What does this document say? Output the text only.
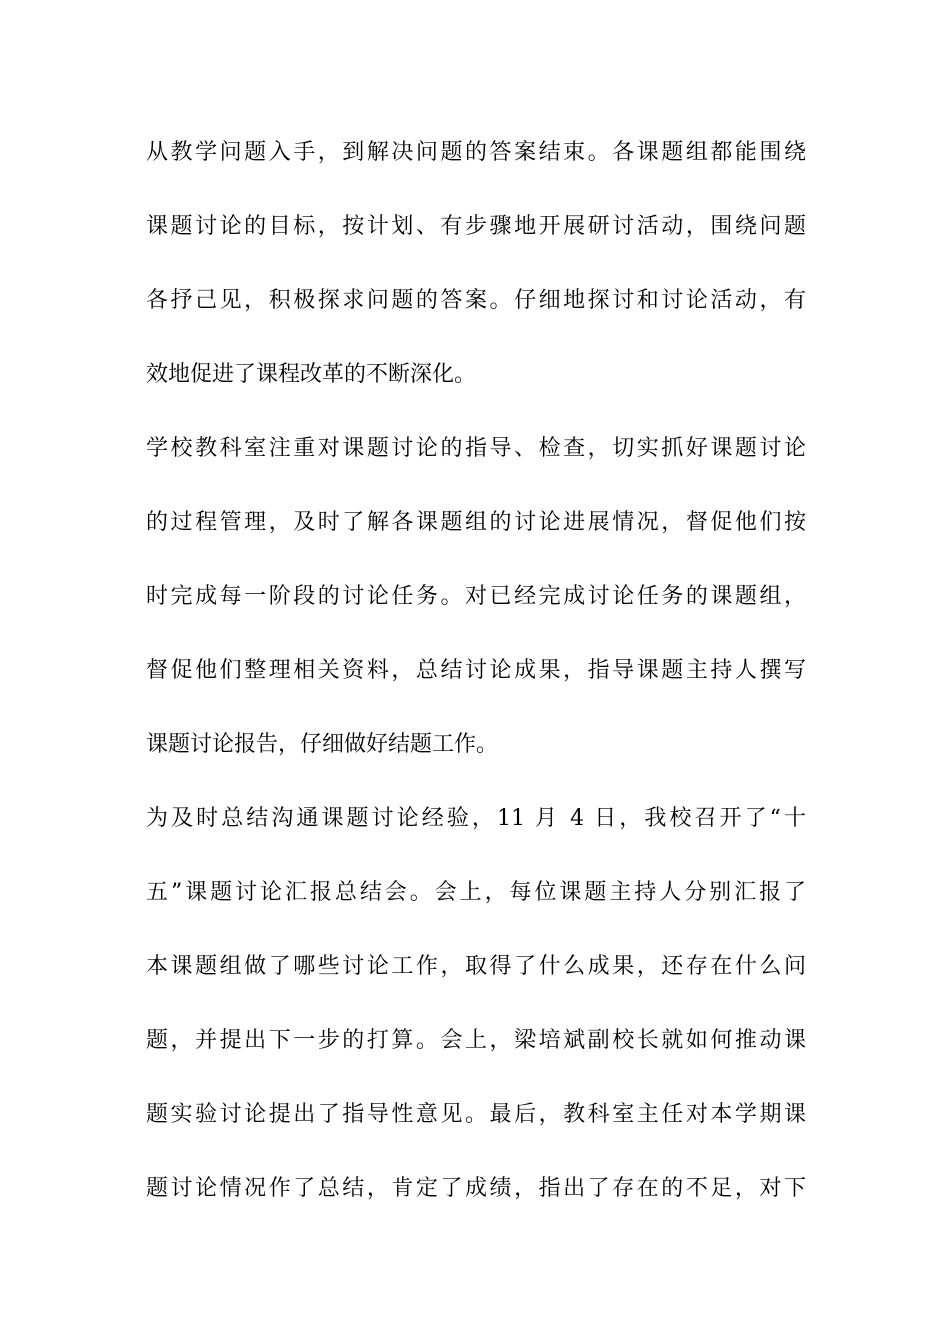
从教学问题入手，到解决问题的答案结束。各课题组都能围绕
课题讨论的目标，按计划、有步骤地开展研讨活动，围绕问题
各抒己见，积极探求问题的答案。仔细地探讨和讨论活动，有
效地促进了课程改革的不断深化。
学校教科室注重对课题讨论的指导、检查，切实抓好课题讨论
的过程管理，及时了解各课题组的讨论进展情况，督促他们按
时完成每一阶段的讨论任务。对已经完成讨论任务的课题组，
督促他们整理相关资料，总结讨论成果，指导课题主持人撰写
课题讨论报告，仔细做好结题工作。
为及时总结沟通课题讨论经验，11 月 4 日，我校召开了“十
五”课题讨论汇报总结会。会上，每位课题主持人分别汇报了
本课题组做了哪些讨论工作，取得了什么成果，还存在什么问
题，并提出下一步的打算。会上，梁培斌副校长就如何推动课
题实验讨论提出了指导性意见。最后，教科室主任对本学期课
题讨论情况作了总结，肯定了成绩，指出了存在的不足，对下
